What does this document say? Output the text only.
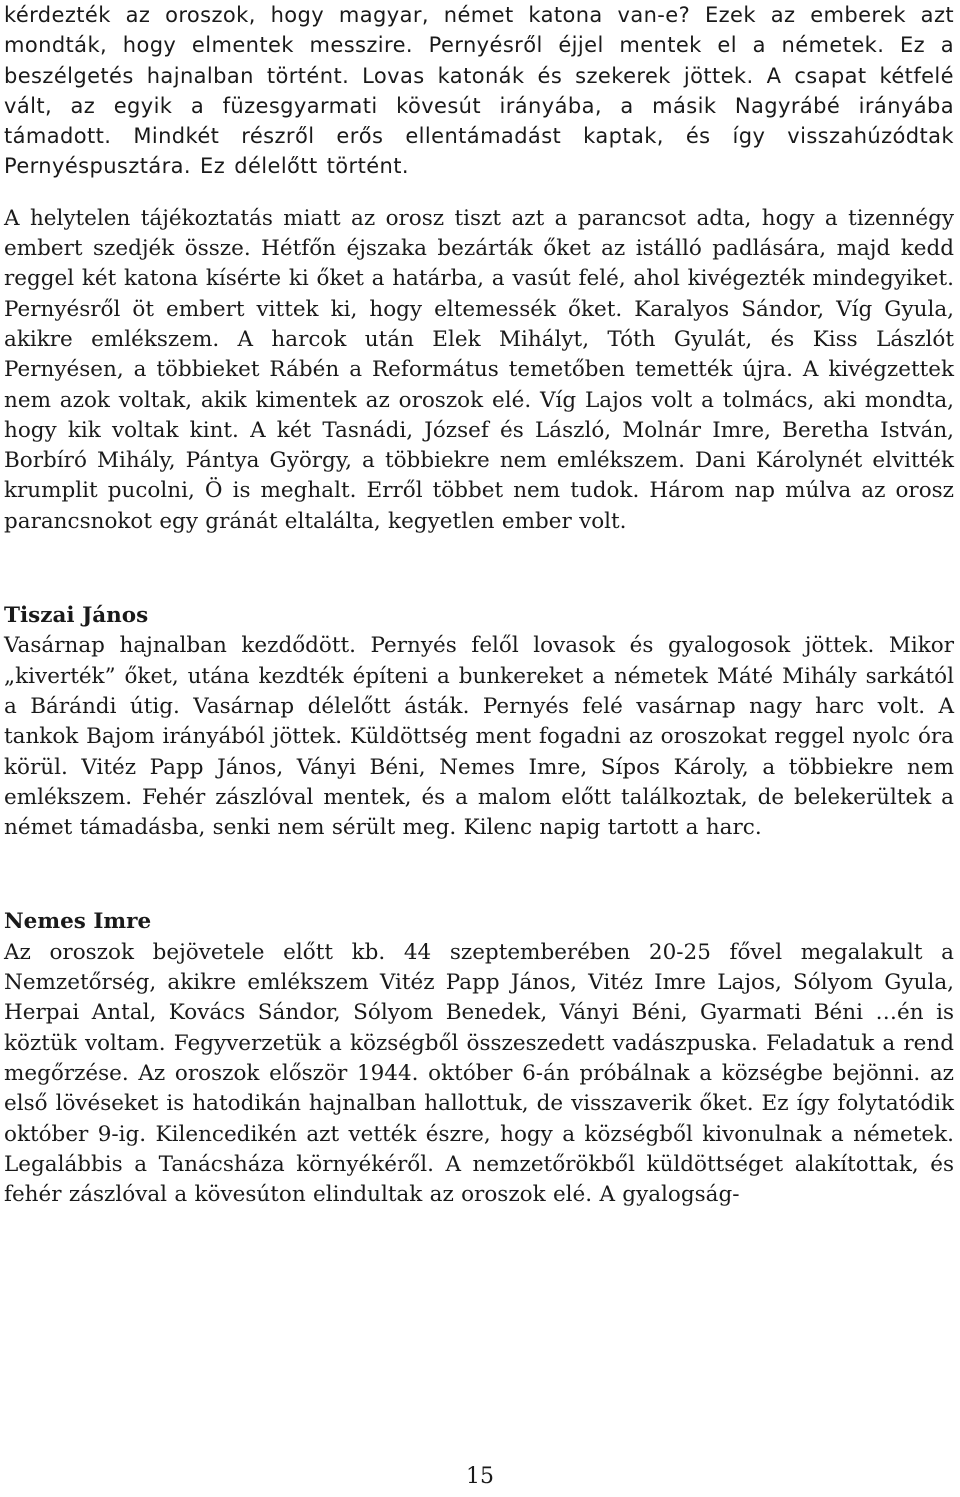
kérdezték az oroszok, hogy magyar, német katona van-e? Ezek az emberek azt mondták, hogy elmentek messzire. Pernyésről éjjel mentek el a németek. Ez a beszélgetés hajnalban történt. Lovas katonák és szekerek jöttek. A csapat kétfelé vált, az egyik a füzesgyarmati kövesút irányába, a másik Nagyrábé irányába támadott. Mindkét részről erős ellentámadást kaptak, és így visszahúzódtak Pernyéspusztára. Ez délelőtt történt.

A helytelen tájékoztatás miatt az orosz tiszt azt a parancsot adta, hogy a tizennégy embert szedjék össze. Hétfőn éjszaka bezárták őket az istálló padlására, majd kedd reggel két katona kísérte ki őket a határba, a vasút felé, ahol kivégezték mindegyiket. Pernyésről öt embert vittek ki, hogy eltemessék őket. Karalyos Sándor, Víg Gyula, akikre emlékszem. A harcok után Elek Mihályt, Tóth Gyulát, és Kiss Lászlót Pernyésen, a többieket Rábén a Református temetőben temették újra. A kivégzettek nem azok voltak, akik kimentek az oroszok elé. Víg Lajos volt a tolmács, aki mondta, hogy kik voltak kint. A két Tasnádi, József és László, Molnár Imre, Beretha István, Borbíró Mihály, Pántya György, a többiekre nem emlékszem. Dani Károlynét elvitték krumplit pucolni, Ö is meghalt. Erről többet nem tudok. Három nap múlva az orosz parancsnokot egy gránát eltalálta, kegyetlen ember volt.

Tiszai János

Vasárnap hajnalban kezdődött. Pernyés felől lovasok és gyalogosok jöttek. Mikor „kiverték” őket, utána kezdték építeni a bunkereket a németek Máté Mihály sarkától a Bárándi útig. Vasárnap délelőtt ásták. Pernyés felé vasárnap nagy harc volt. A tankok Bajom irányából jöttek. Küldöttség ment fogadni az oroszokat reggel nyolc óra körül. Vitéz Papp János, Ványi Béni, Nemes Imre, Sípos Károly, a többiekre nem emlékszem. Fehér zászlóval mentek, és a malom előtt találkoztak, de belekerültek a német támadásba, senki nem sérült meg. Kilenc napig tartott a harc.

Nemes Imre

Az oroszok bejövetele előtt kb. 44 szeptemberében 20-25 fővel megalakult a Nemzetőrség, akikre emlékszem Vitéz Papp János, Vitéz Imre Lajos, Sólyom Gyula, Herpai Antal, Kovács Sándor, Sólyom Benedek, Ványi Béni, Gyarmati Béni …én is köztük voltam. Fegyverzetük a községből összeszedett vadászpuska. Feladatuk a rend megőrzése. Az oroszok először 1944. október 6-án próbálnak a községbe bejönni. az első lövéseket is hatodikán hajnalban hallottuk, de visszaverik őket. Ez így folytatódik október 9-ig. Kilencedikén azt vették észre, hogy a községből kivonulnak a németek. Legalábbis a Tanácsháza környékéről. A nemzetőrökből küldöttséget alakítottak, és fehér zászlóval a kövesúton elindultak az oroszok elé. A gyalogság-

15
